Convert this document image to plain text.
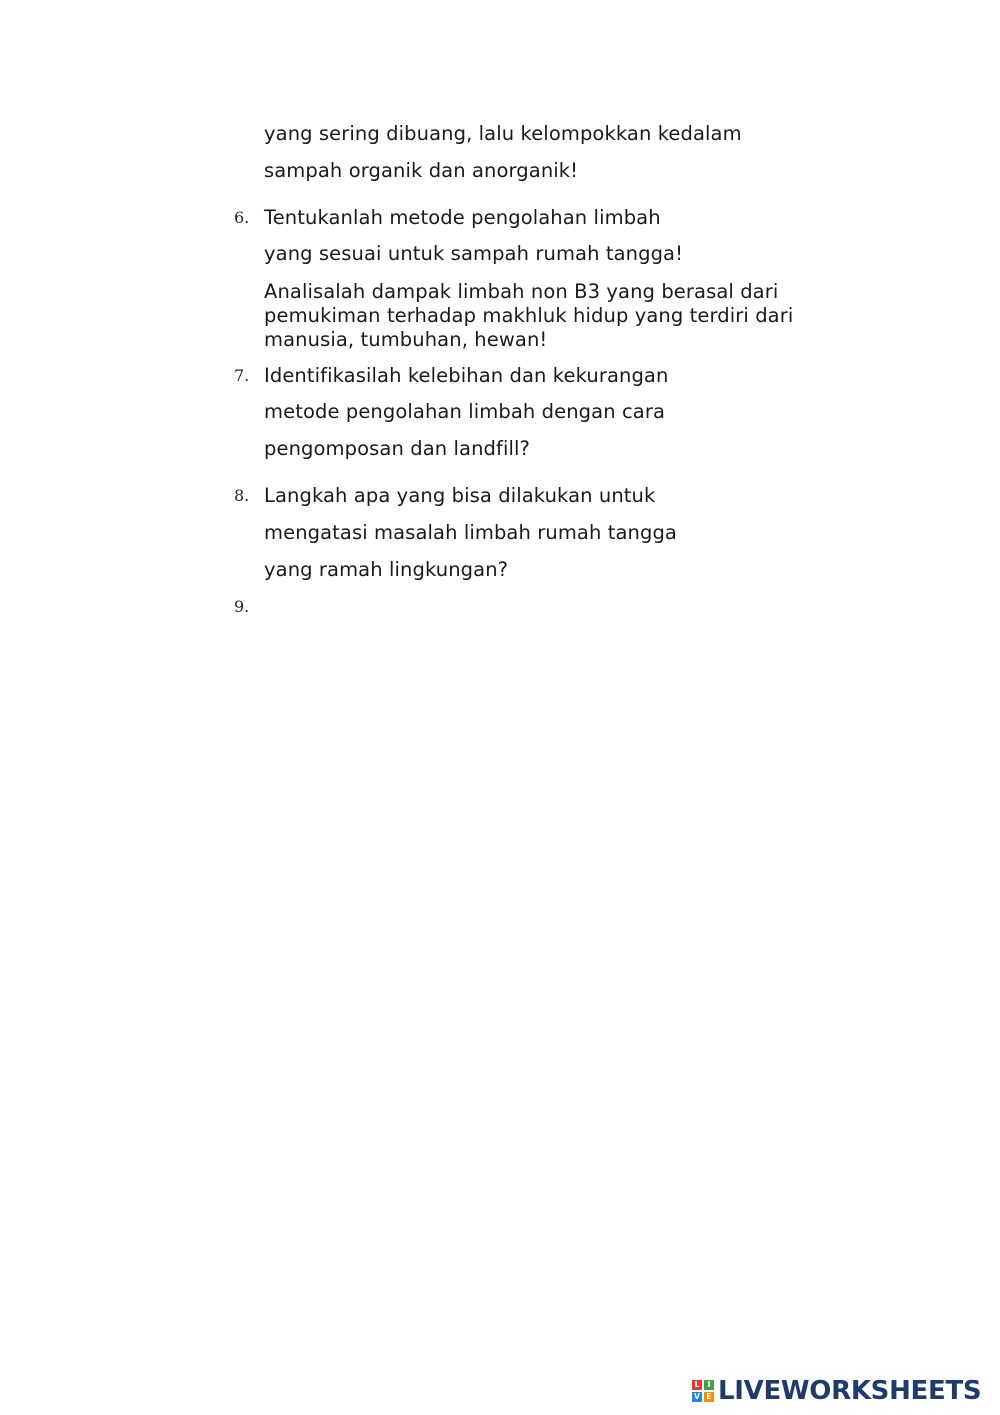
yang sering dibuang, lalu kelompokkan kedalam
sampah organik dan anorganik!
6. Tentukanlah metode pengolahan limbah
yang sesuai untuk sampah rumah tangga!
Analisalah dampak limbah non B3 yang berasal dari
pemukiman terhadap makhluk hidup yang terdiri dari
manusia, tumbuhan, hewan!
7. Identifikasilah kelebihan dan kekurangan
metode pengolahan limbah dengan cara
pengomposan dan landfill?
8. Langkah apa yang bisa dilakukan untuk
mengatasi masalah limbah rumah tangga
yang ramah lingkungan?
9.
L I
V E LIVEWORKSHEETS
